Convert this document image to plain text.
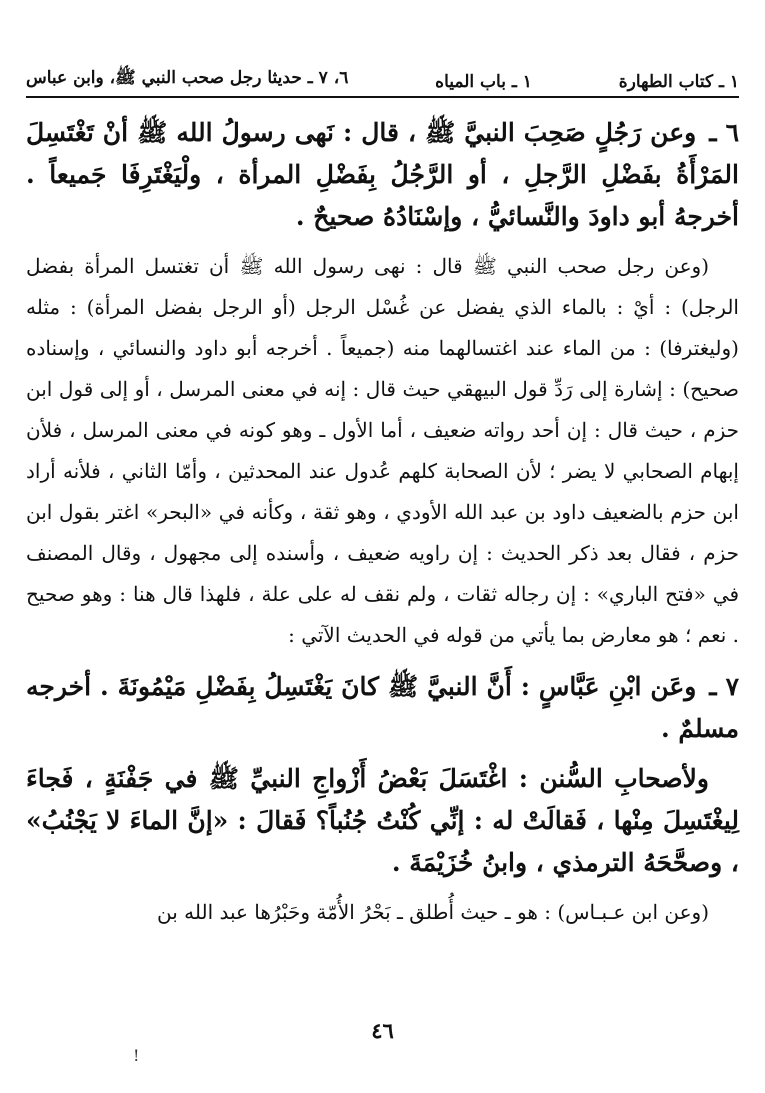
١ ـ كتاب الطهارة
١ ـ باب المياه
٦، ٧ ـ حديثا رجل صحب النبي ﷺ، وابن عباس

٦ ـ وعن رَجُلٍ صَحِبَ النبيَّ ﷺ ، قال : نَهى رسولُ الله ﷺ أنْ تَغْتَسِلَ المَرْأَةُ بفَضْلِ الرَّجلِ ، أو الرَّجُلُ بِفَضْلِ المرأة ، ولْيَغْتَرِفَا جَميعاً . أخرجهُ أبو داودَ والنَّسائيُّ ، وإسْنَادُهُ صحيحٌ .

(وعن رجل صحب النبي ﷺ قال : نهى رسول الله ﷺ أن تغتسل المرأة بفضل الرجل) : أيْ : بالماء الذي يفضل عن غُسْل الرجل (أو الرجل بفضل المرأة) : مثله (وليغترفا) : من الماء عند اغتسالهما منه (جميعاً . أخرجه أبو داود والنسائي ، وإسناده صحيح) : إشارة إلى رَدِّ قول البيهقي حيث قال : إنه في معنى المرسل ، أو إلى قول ابن حزم ، حيث قال : إن أحد رواته ضعيف ، أما الأول ـ وهو كونه في معنى المرسل ، فلأن إبهام الصحابي لا يضر ؛ لأن الصحابة كلهم عُدول عند المحدثين ، وأمّا الثاني ، فلأنه أراد ابن حزم بالضعيف داود بن عبد الله الأودي ، وهو ثقة ، وكأنه في «البحر» اغتر بقول ابن حزم ، فقال بعد ذكر الحديث : إن راويه ضعيف ، وأسنده إلى مجهول ، وقال المصنف في «فتح الباري» : إن رجاله ثقات ، ولم نقف له على علة ، فلهذا قال هنا : وهو صحيح . نعم ؛ هو معارض بما يأتي من قوله في الحديث الآتي :

٧ ـ وعَن ابْنِ عَبَّاسٍ : أَنَّ النبيَّ ﷺ كانَ يَغْتَسِلُ بِفَضْلِ مَيْمُونَةَ . أخرجه مسلمٌ .

ولأصحابِ السُّنن : اغْتَسَلَ بَعْضُ أَزْواجِ النبيِّ ﷺ في جَفْنَةٍ ، فَجاءَ لِيغْتَسِلَ مِنْها ، فَقالَتْ له : إنِّي كُنْتُ جُنُباً؟ فَقالَ : «إنَّ الماءَ لا يَجْنُبُ» ، وصحَّحَهُ الترمذي ، وابنُ خُزَيْمَةَ .

(وعن ابن عـبـاس) : هو ـ حيث أُطلق ـ بَحْرُ الأُمّة وحَبْرُها عبد الله بن

٤٦
!
